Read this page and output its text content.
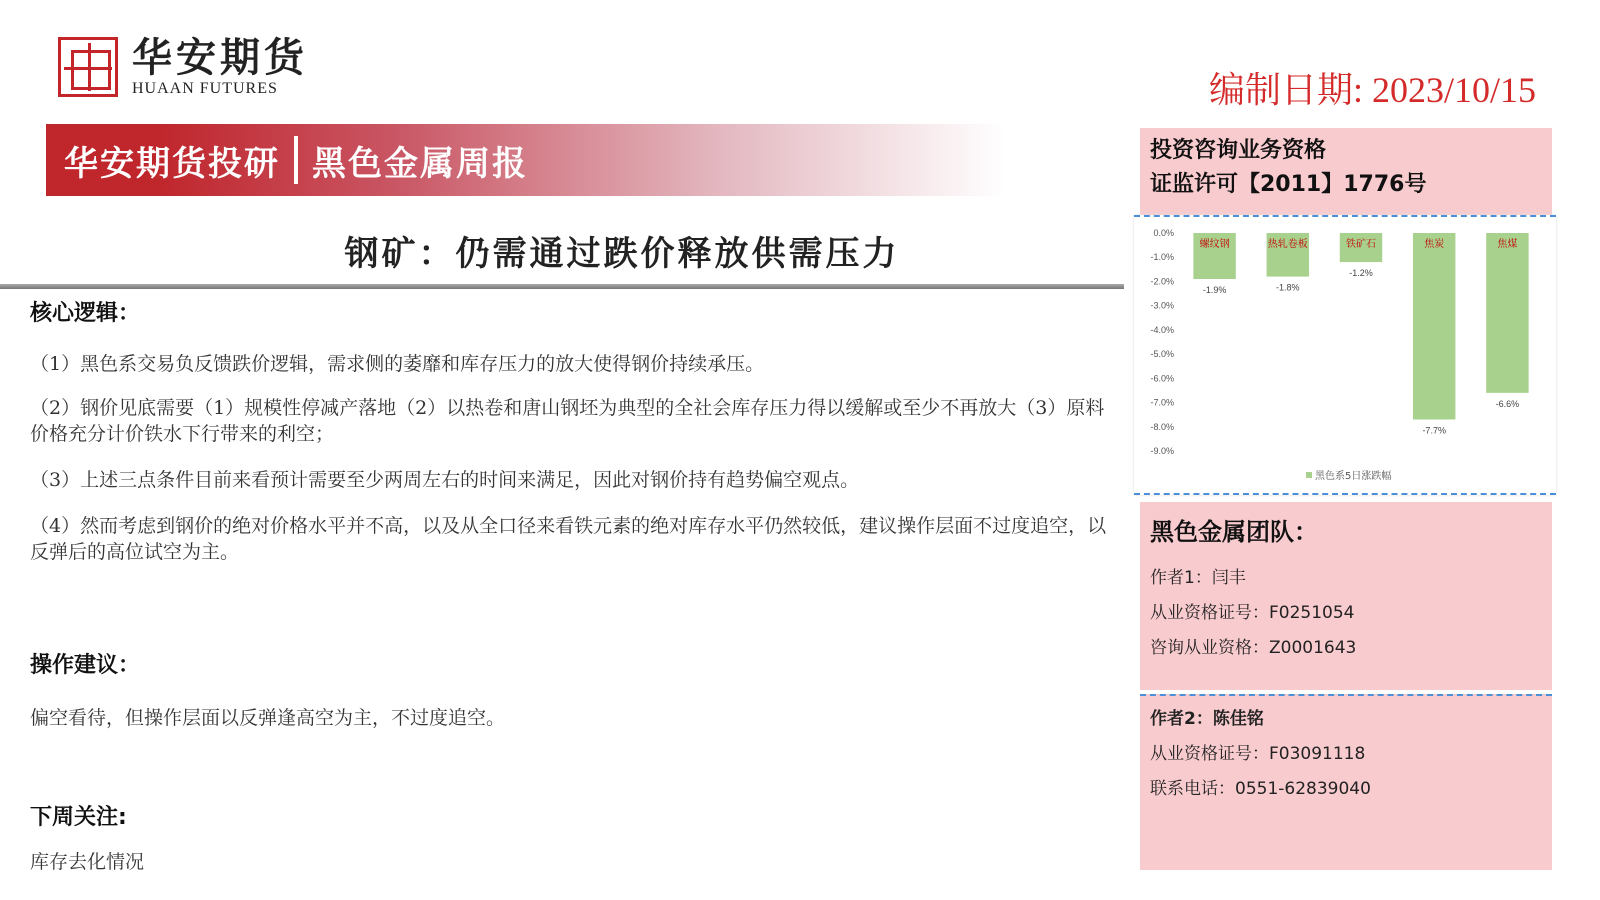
华安期货
HUAAN FUTURES	编制日期: 2023/10/15
华安期货投研 黑色金属周报
钢矿：仍需通过跌价释放供需压力
核心逻辑：
（1）黑色系交易负反馈跌价逻辑，需求侧的萎靡和库存压力的放大使得钢价持续承压。
（2）钢价见底需要（1）规模性停减产落地（2）以热卷和唐山钢坯为典型的全社会库存压力得以缓解或至少不再放大（3）原料价格充分计价铁水下行带来的利空；
（3）上述三点条件目前来看预计需要至少两周左右的时间来满足，因此对钢价持有趋势偏空观点。
（4）然而考虑到钢价的绝对价格水平并不高，以及从全口径来看铁元素的绝对库存水平仍然较低，建议操作层面不过度追空，以反弹后的高位试空为主。
操作建议：
偏空看待，但操作层面以反弹逢高空为主，不过度追空。
下周关注:
库存去化情况
投资咨询业务资格
证监许可【2011】1776号
0.0%
-1.0%
-2.0%
-3.0%
-4.0%
-5.0%
-6.0%
-7.0%
-8.0%
-9.0%
螺纹钢
-1.9%
热轧卷板
-1.8%
铁矿石
-1.2%
焦炭
-7.7%
焦煤
-6.6%
黑色系5日涨跌幅
黑色金属团队：
作者1：闫丰
从业资格证号：F0251054
咨询从业资格：Z0001643
作者2：陈佳铭
从业资格证号：F03091118
联系电话：0551-62839040
